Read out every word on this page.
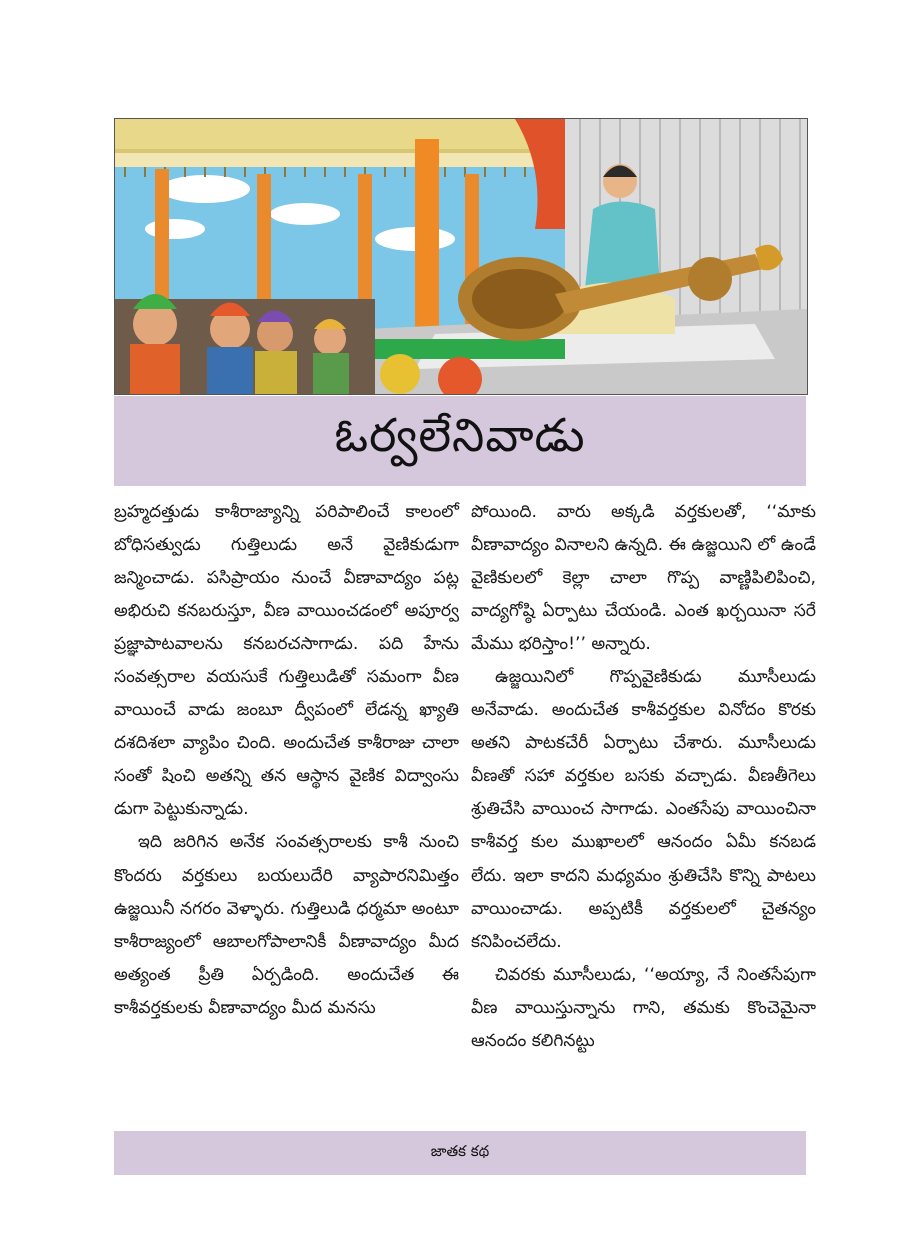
ఓర్వలేనివాడు

బ్రహ్మదత్తుడు కాశీరాజ్యాన్ని పరిపాలించే కాలంలో బోధిసత్వుడు గుత్తిలుడు అనే వైణికుడుగా జన్మించాడు. పసిప్రాయం నుంచే వీణావాద్యం పట్ల అభిరుచి కనబరుస్తూ, వీణ వాయించడంలో అపూర్వ ప్రజ్ఞాపాటవాలను కనబరచసాగాడు. పది హేను సంవత్సరాల వయసుకే గుత్తిలుడితో సమంగా వీణ వాయించే వాడు జంబూ ద్వీపంలో లేడన్న ఖ్యాతి దశదిశలా వ్యాపిం చింది. అందుచేత కాశీరాజు చాలా సంతో షించి అతన్ని తన ఆస్థాన వైణిక విద్వాంసు డుగా పెట్టుకున్నాడు.

ఇది జరిగిన అనేక సంవత్సరాలకు కాశీ నుంచి కొందరు వర్తకులు బయలుదేరి వ్యాపారనిమిత్తం ఉజ్జయినీ నగరం వెళ్ళారు. గుత్తిలుడి ధర్మమా అంటూ కాశీరాజ్యంలో ఆబాలగోపాలానికీ వీణావాద్యం మీద అత్యంత ప్రీతి ఏర్పడింది. అందుచేత ఈ కాశీవర్తకులకు వీణావాద్యం మీద మనసు

పోయింది. వారు అక్కడి వర్తకులతో, ‘‘మాకు వీణావాద్యం వినాలని ఉన్నది. ఈ ఉజ్జయిని లో ఉండే వైణికులలో కెల్లా చాలా గొప్ప వాణ్ణిపిలిపించి, వాద్యగోష్ఠి ఏర్పాటు చేయండి. ఎంత ఖర్చయినా సరే మేము భరిస్తాం!’’ అన్నారు.

ఉజ్జయినిలో గొప్పవైణికుడు మూసీలుడు అనేవాడు. అందుచేత కాశీవర్తకుల వినోదం కొరకు అతని పాటకచేరీ ఏర్పాటు చేశారు. మూసీలుడు వీణతో సహా వర్తకుల బసకు వచ్చాడు. వీణతీగెలు శ్రుతిచేసి వాయించ సాగాడు. ఎంతసేపు వాయించినా కాశీవర్త కుల ముఖాలలో ఆనందం ఏమీ కనబడ లేదు. ఇలా కాదని మధ్యమం శ్రుతిచేసి కొన్ని పాటలు వాయించాడు. అప్పటికీ వర్తకులలో చైతన్యం కనిపించలేదు.

చివరకు మూసీలుడు, ‘‘అయ్యా, నే నింతసేపుగా వీణ వాయిస్తున్నాను గాని, తమకు కొంచెమైనా ఆనందం కలిగినట్టు

జాతక కథ
